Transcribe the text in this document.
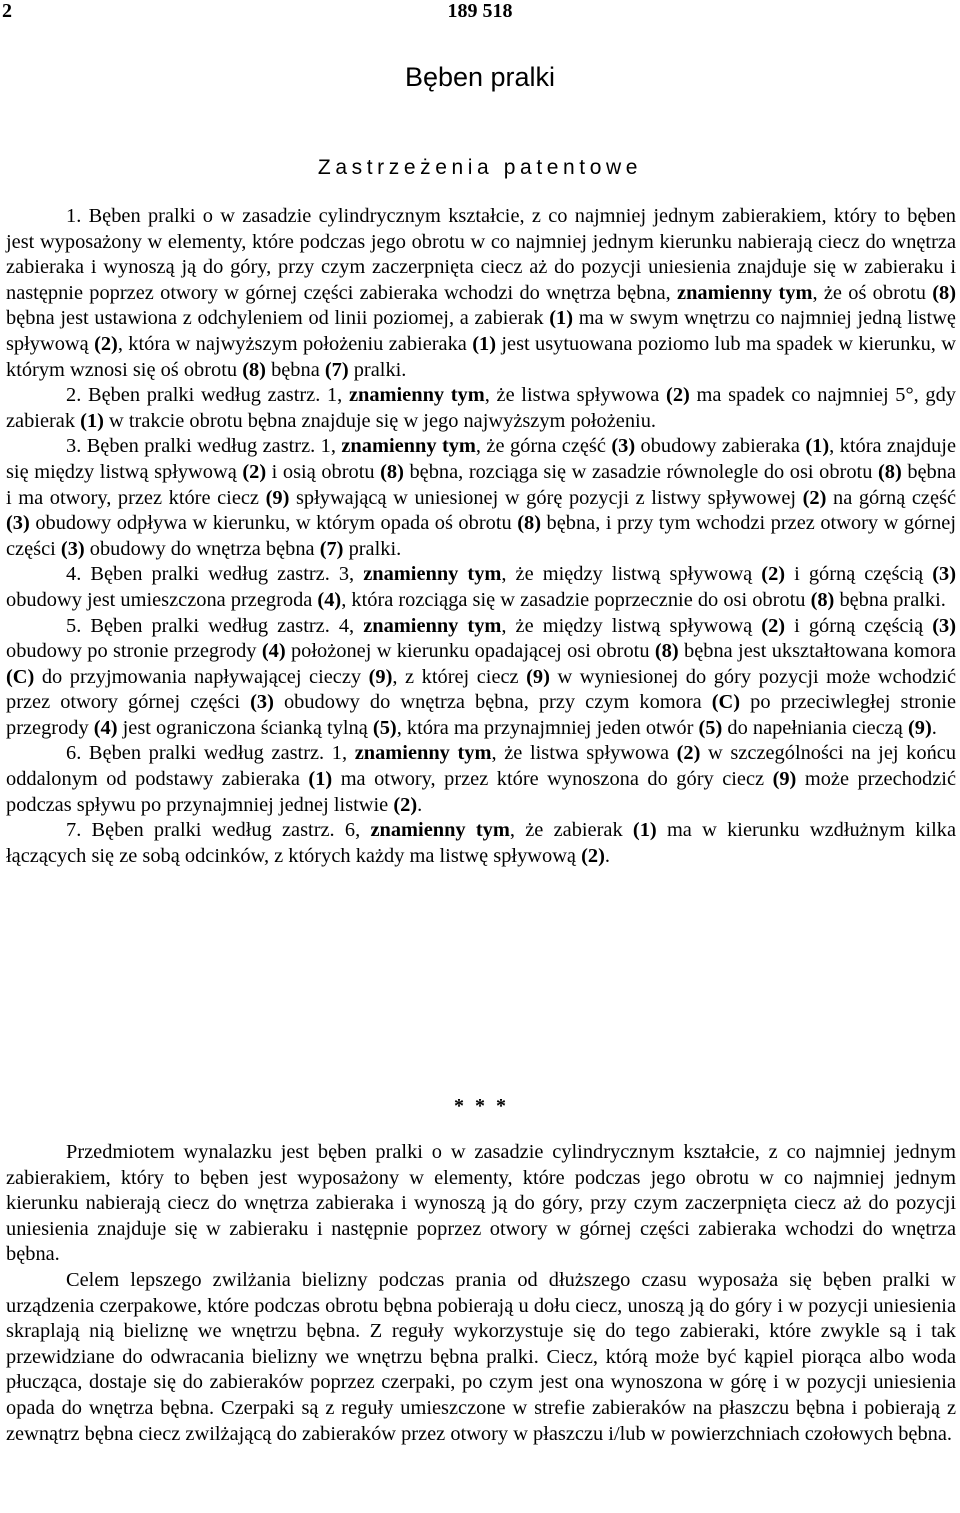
2	189 518
Bęben pralki
Zastrzeżenia patentowe

1. Bęben pralki o w zasadzie cylindrycznym kształcie, z co najmniej jednym zabierakiem, który to bęben jest wyposażony w elementy, które podczas jego obrotu w co najmniej jednym kierunku nabierają ciecz do wnętrza zabieraka i wynoszą ją do góry, przy czym zaczerpnięta ciecz aż do pozycji uniesienia znajduje się w zabieraku i następnie poprzez otwory w górnej części zabieraka wchodzi do wnętrza bębna, znamienny tym, że oś obrotu (8) bębna jest ustawiona z odchyleniem od linii poziomej, a zabierak (1) ma w swym wnętrzu co najmniej jedną listwę spływową (2), która w najwyższym położeniu zabieraka (1) jest usytuowana poziomo lub ma spadek w kierunku, w którym wznosi się oś obrotu (8) bębna (7) pralki.

2. Bęben pralki według zastrz. 1, znamienny tym, że listwa spływowa (2) ma spadek co najmniej 5°, gdy zabierak (1) w trakcie obrotu bębna znajduje się w jego najwyższym położeniu.

3. Bęben pralki według zastrz. 1, znamienny tym, że górna część (3) obudowy zabieraka (1), która znajduje się między listwą spływową (2) i osią obrotu (8) bębna, rozciąga się w zasadzie równolegle do osi obrotu (8) bębna i ma otwory, przez które ciecz (9) spływającą w uniesionej w górę pozycji z listwy spływowej (2) na górną część (3) obudowy odpływa w kierunku, w którym opada oś obrotu (8) bębna, i przy tym wchodzi przez otwory w górnej części (3) obudowy do wnętrza bębna (7) pralki.

4. Bęben pralki według zastrz. 3, znamienny tym, że między listwą spływową (2) i górną częścią (3) obudowy jest umieszczona przegroda (4), która rozciąga się w zasadzie poprzecznie do osi obrotu (8) bębna pralki.

5. Bęben pralki według zastrz. 4, znamienny tym, że między listwą spływową (2) i górną częścią (3) obudowy po stronie przegrody (4) położonej w kierunku opadającej osi obrotu (8) bębna jest ukształtowana komora (C) do przyjmowania napływającej cieczy (9), z której ciecz (9) w wyniesionej do góry pozycji może wchodzić przez otwory górnej części (3) obudowy do wnętrza bębna, przy czym komora (C) po przeciwległej stronie przegrody (4) jest ograniczona ścianką tylną (5), która ma przynajmniej jeden otwór (5) do napełniania cieczą (9).

6. Bęben pralki według zastrz. 1, znamienny tym, że listwa spływowa (2) w szczególności na jej końcu oddalonym od podstawy zabieraka (1) ma otwory, przez które wynoszona do góry ciecz (9) może przechodzić podczas spływu po przynajmniej jednej listwie (2).

7. Bęben pralki według zastrz. 6, znamienny tym, że zabierak (1) ma w kierunku wzdłużnym kilka łączących się ze sobą odcinków, z których każdy ma listwę spływową (2).

* * *

Przedmiotem wynalazku jest bęben pralki o w zasadzie cylindrycznym kształcie, z co najmniej jednym zabierakiem, który to bęben jest wyposażony w elementy, które podczas jego obrotu w co najmniej jednym kierunku nabierają ciecz do wnętrza zabieraka i wynoszą ją do góry, przy czym zaczerpnięta ciecz aż do pozycji uniesienia znajduje się w zabieraku i następnie poprzez otwory w górnej części zabieraka wchodzi do wnętrza bębna.

Celem lepszego zwilżania bielizny podczas prania od dłuższego czasu wyposaża się bęben pralki w urządzenia czerpakowe, które podczas obrotu bębna pobierają u dołu ciecz, unoszą ją do góry i w pozycji uniesienia skraplają nią bieliznę we wnętrzu bębna. Z reguły wykorzystuje się do tego zabieraki, które zwykle są i tak przewidziane do odwracania bielizny we wnętrzu bębna pralki. Ciecz, którą może być kąpiel piorąca albo woda płucząca, dostaje się do zabieraków poprzez czerpaki, po czym jest ona wynoszona w górę i w pozycji uniesienia opada do wnętrza bębna. Czerpaki są z reguły umieszczone w strefie zabieraków na płaszczu bębna i pobierają z zewnątrz bębna ciecz zwilżającą do zabieraków przez otwory w płaszczu i/lub w powierzchniach czołowych bębna.
